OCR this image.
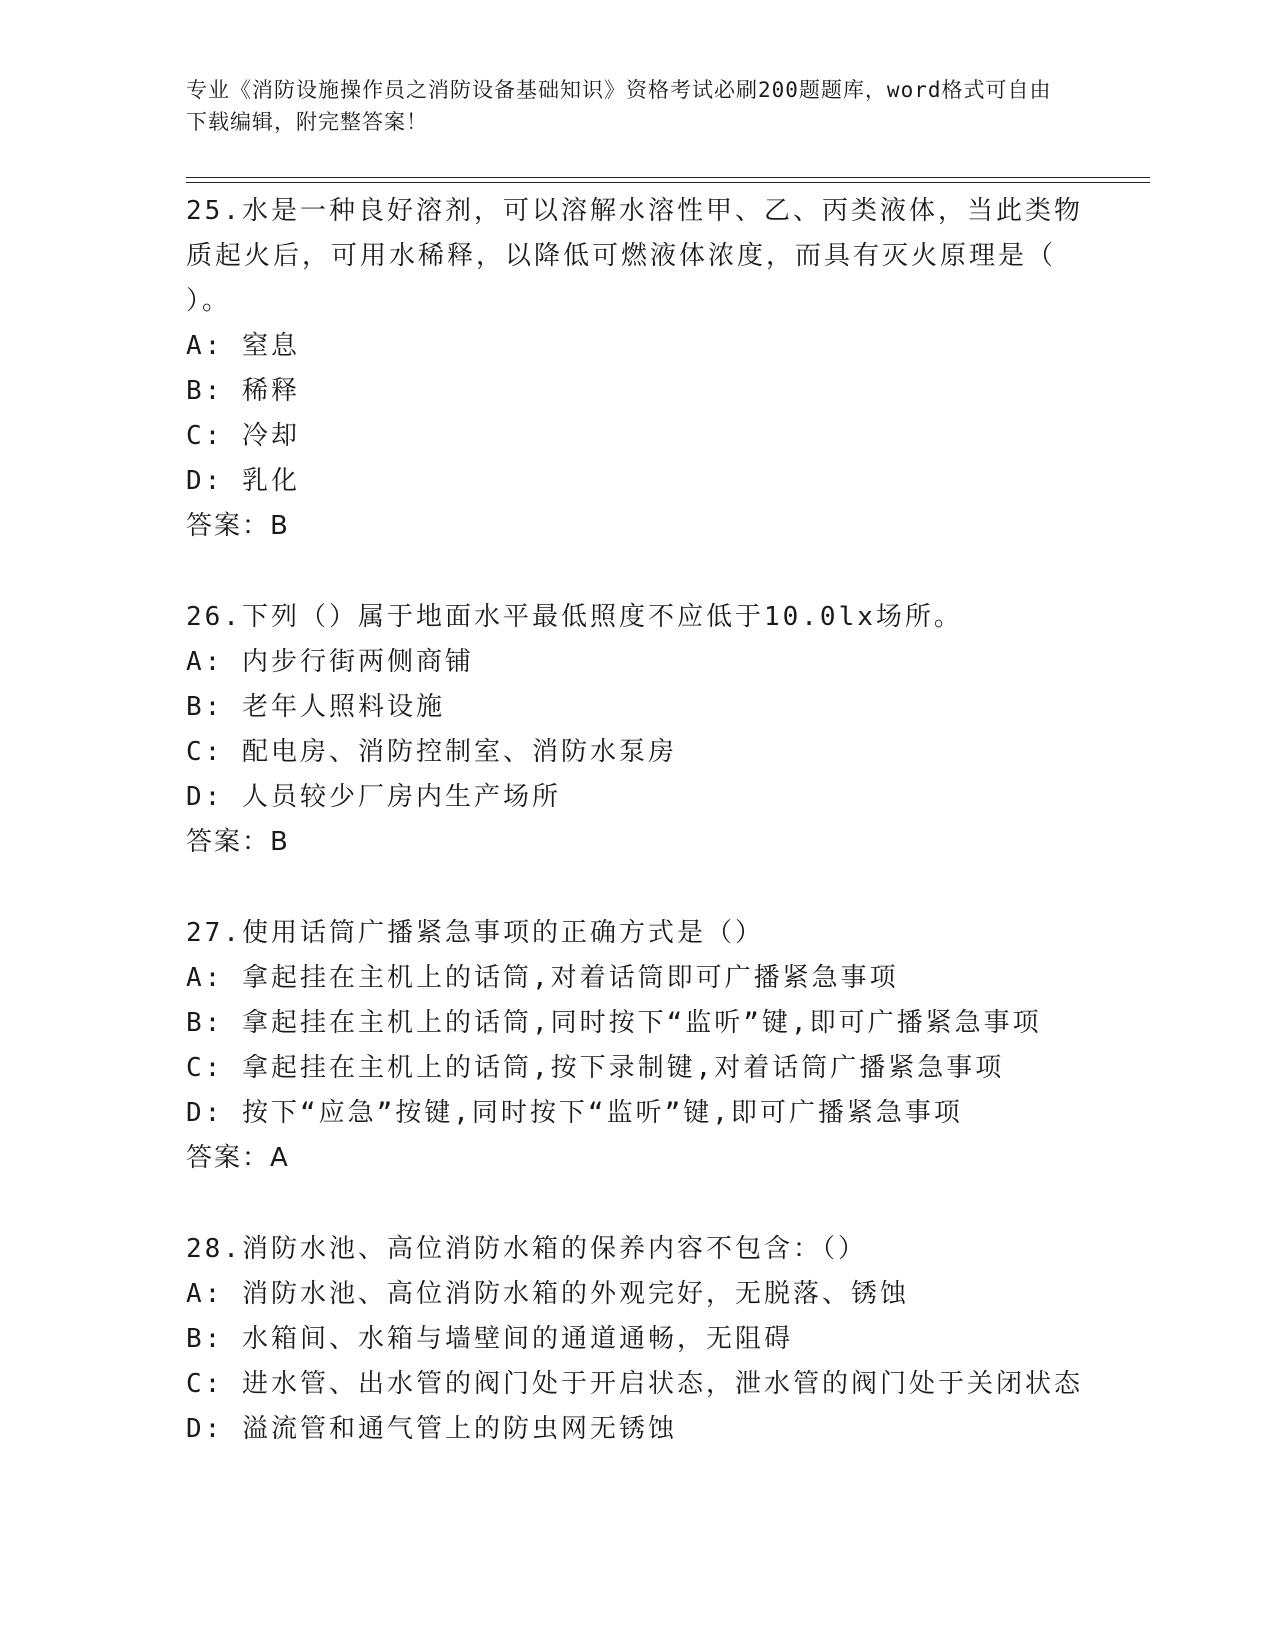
专业《消防设施操作员之消防设备基础知识》资格考试必刷200题题库，word格式可自由下载编辑，附完整答案！
25.水是一种良好溶剂，可以溶解水溶性甲、乙、丙类液体，当此类物质起火后，可用水稀释，以降低可燃液体浓度，而具有灭火原理是（ ）。
A: 窒息
B: 稀释
C: 冷却
D: 乳化
答案：B
26.下列（）属于地面水平最低照度不应低于10.0lx场所。
A: 内步行街两侧商铺
B: 老年人照料设施
C: 配电房、消防控制室、消防水泵房
D: 人员较少厂房内生产场所
答案：B
27.使用话筒广播紧急事项的正确方式是（）
A: 拿起挂在主机上的话筒,对着话筒即可广播紧急事项
B: 拿起挂在主机上的话筒,同时按下“监听”键,即可广播紧急事项
C: 拿起挂在主机上的话筒,按下录制键,对着话筒广播紧急事项
D: 按下“应急”按键,同时按下“监听”键,即可广播紧急事项
答案：A
28.消防水池、高位消防水箱的保养内容不包含：（）
A: 消防水池、高位消防水箱的外观完好，无脱落、锈蚀
B: 水箱间、水箱与墙壁间的通道通畅，无阻碍
C: 进水管、出水管的阀门处于开启状态，泄水管的阀门处于关闭状态
D: 溢流管和通气管上的防虫网无锈蚀
